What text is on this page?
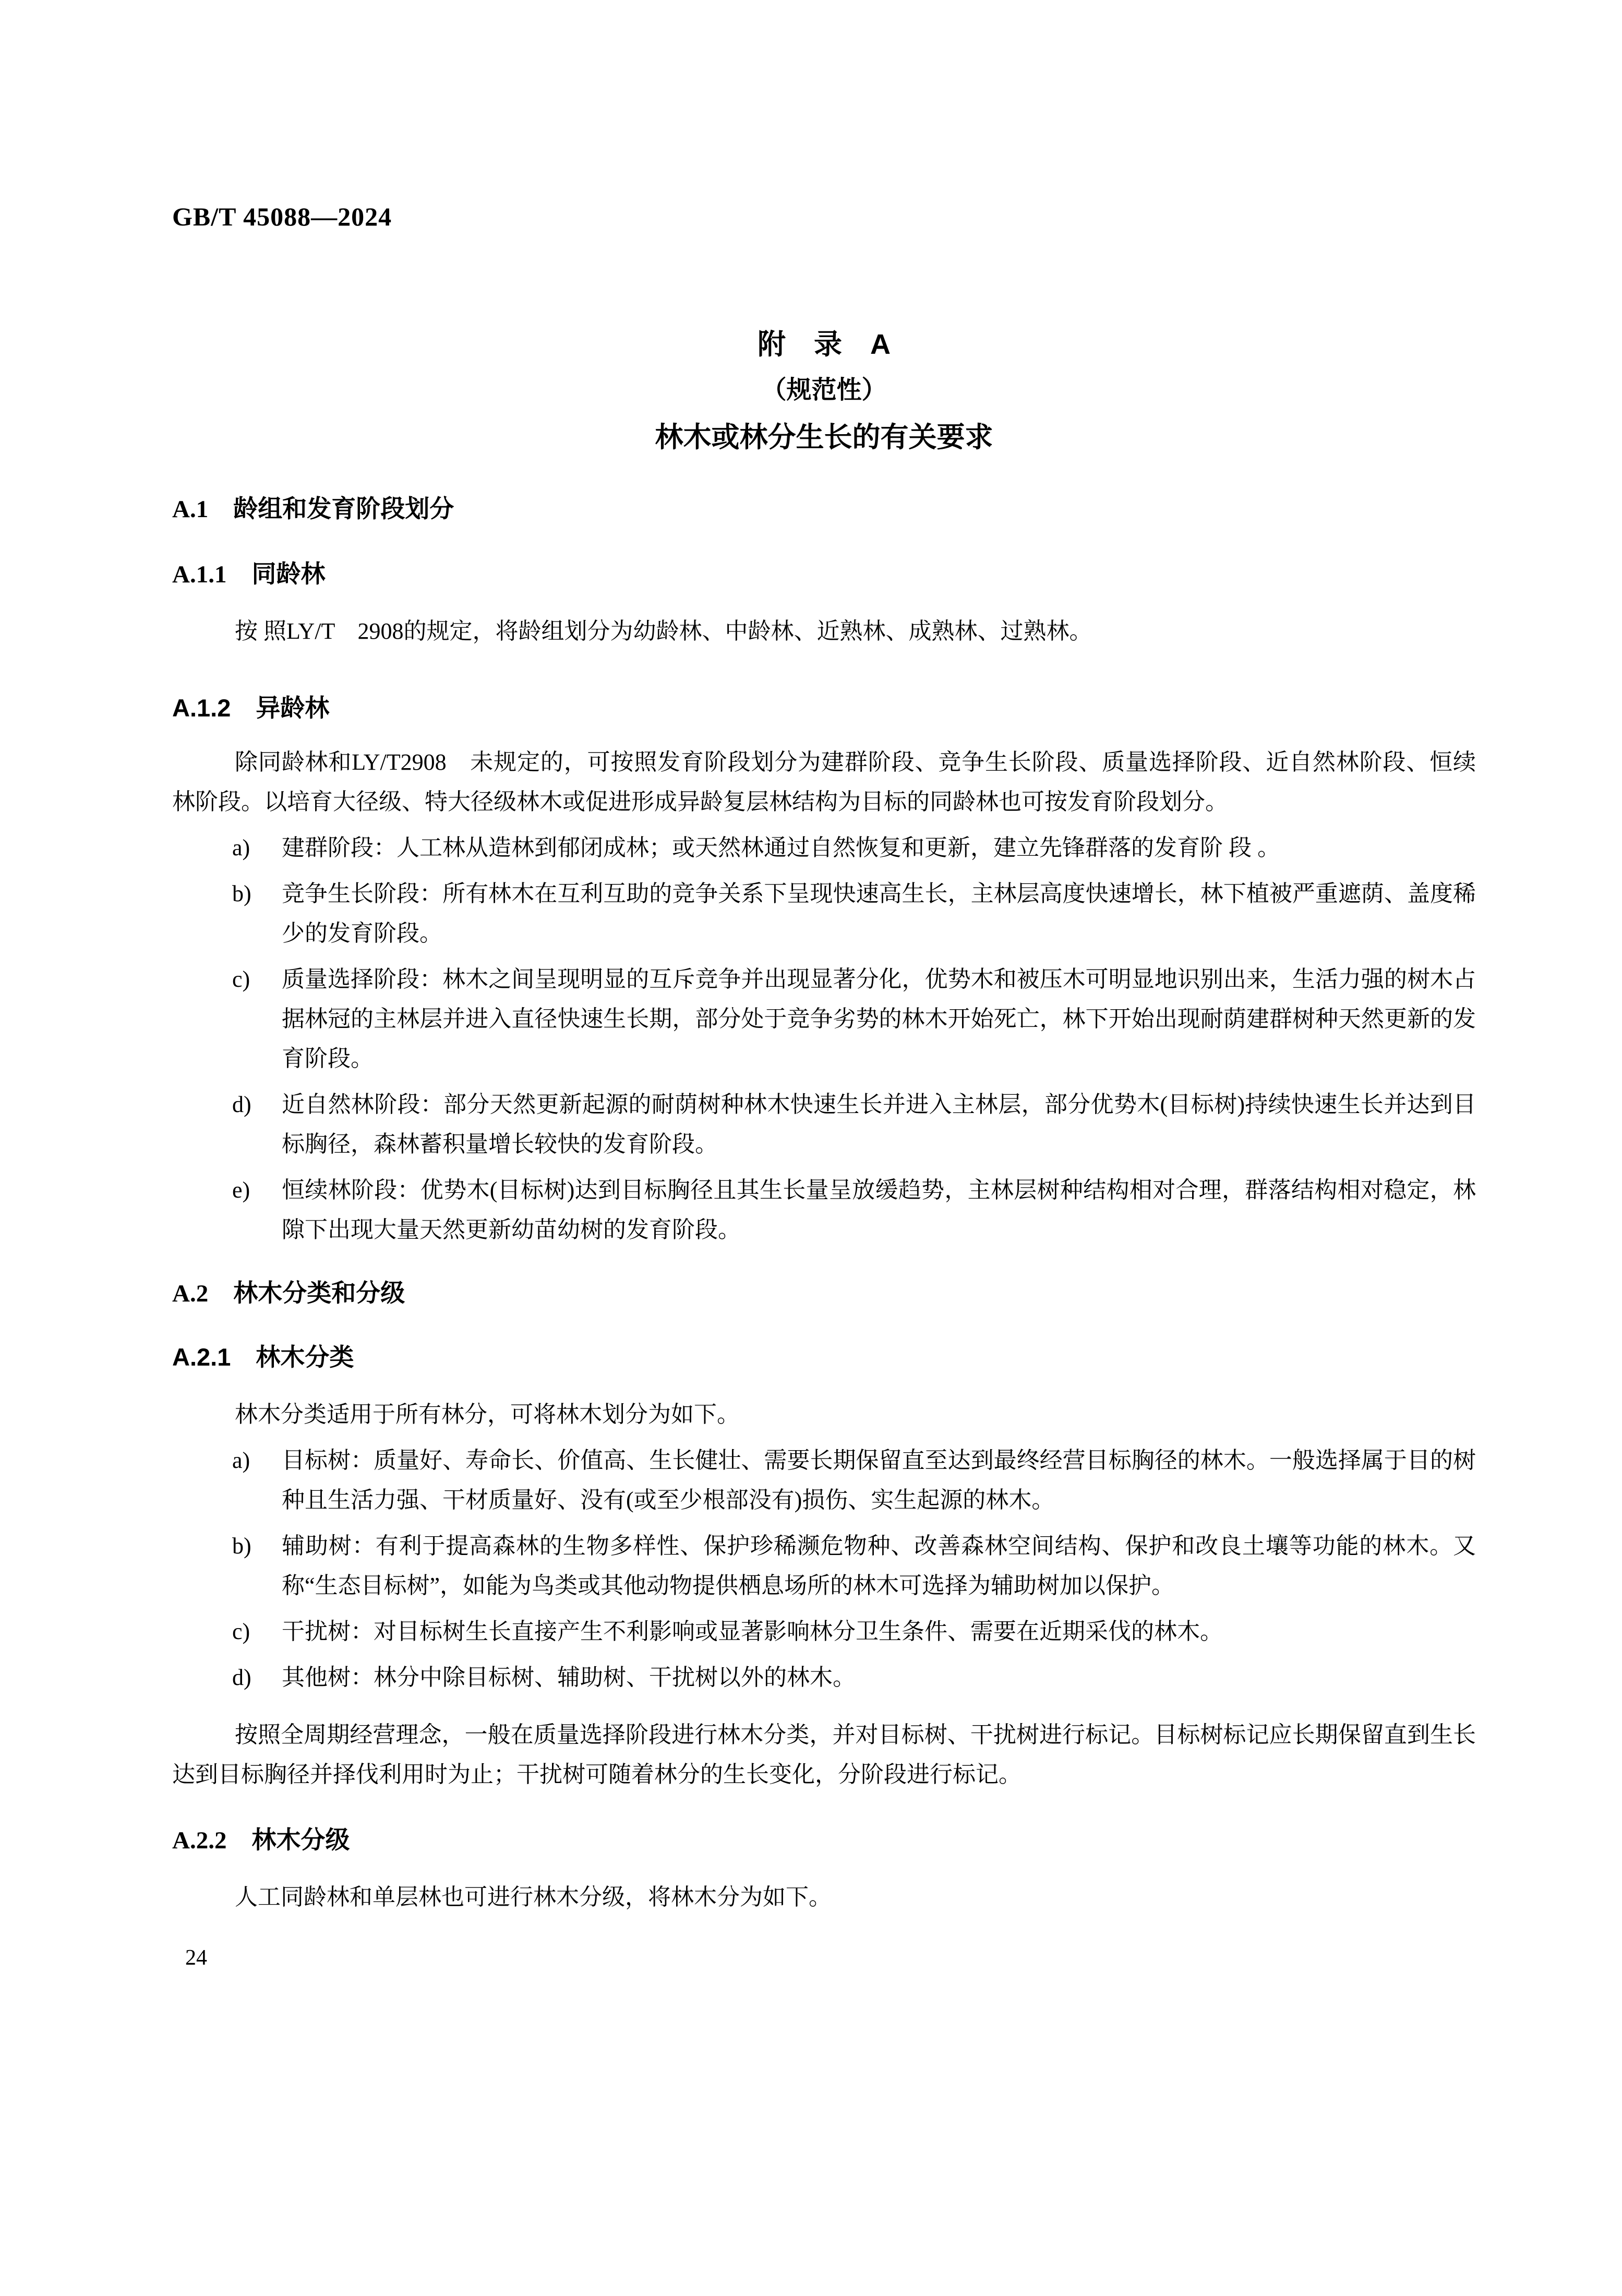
GB/T 45088—2024
附　录　A
（规范性）
林木或林分生长的有关要求
A.1 龄组和发育阶段划分
A.1.1 同龄林

按 照LY/T　2908的规定，将龄组划分为幼龄林、中龄林、近熟林、成熟林、过熟林。

A.1.2 异龄林

除同龄林和LY/T2908　未规定的，可按照发育阶段划分为建群阶段、竞争生长阶段、质量选择阶段、近自然林阶段、恒续林阶段。以培育大径级、特大径级林木或促进形成异龄复层林结构为目标的同龄林也可按发育阶段划分。

a)	建群阶段：人工林从造林到郁闭成林；或天然林通过自然恢复和更新，建立先锋群落的发育阶 段 。
b)	竞争生长阶段：所有林木在互利互助的竞争关系下呈现快速高生长，主林层高度快速增长，林下植被严重遮荫、盖度稀少的发育阶段。
c)	质量选择阶段：林木之间呈现明显的互斥竞争并出现显著分化，优势木和被压木可明显地识别出来，生活力强的树木占据林冠的主林层并进入直径快速生长期，部分处于竞争劣势的林木开始死亡，林下开始出现耐荫建群树种天然更新的发育阶段。
d)	近自然林阶段：部分天然更新起源的耐荫树种林木快速生长并进入主林层，部分优势木(目标树)持续快速生长并达到目标胸径，森林蓄积量增长较快的发育阶段。
e)	恒续林阶段：优势木(目标树)达到目标胸径且其生长量呈放缓趋势，主林层树种结构相对合理，群落结构相对稳定，林隙下出现大量天然更新幼苗幼树的发育阶段。
A.2 林木分类和分级
A.2.1 林木分类

林木分类适用于所有林分，可将林木划分为如下。

a)	目标树：质量好、寿命长、价值高、生长健壮、需要长期保留直至达到最终经营目标胸径的林木。一般选择属于目的树种且生活力强、干材质量好、没有(或至少根部没有)损伤、实生起源的林木。
b)	辅助树：有利于提高森林的生物多样性、保护珍稀濒危物种、改善森林空间结构、保护和改良土壤等功能的林木。又称“生态目标树”，如能为鸟类或其他动物提供栖息场所的林木可选择为辅助树加以保护。
c)	干扰树：对目标树生长直接产生不利影响或显著影响林分卫生条件、需要在近期采伐的林木。
d)	其他树：林分中除目标树、辅助树、干扰树以外的林木。

按照全周期经营理念，一般在质量选择阶段进行林木分类，并对目标树、干扰树进行标记。目标树标记应长期保留直到生长达到目标胸径并择伐利用时为止；干扰树可随着林分的生长变化，分阶段进行标记。

A.2.2 林木分级

人工同龄林和单层林也可进行林木分级，将林木分为如下。

24
